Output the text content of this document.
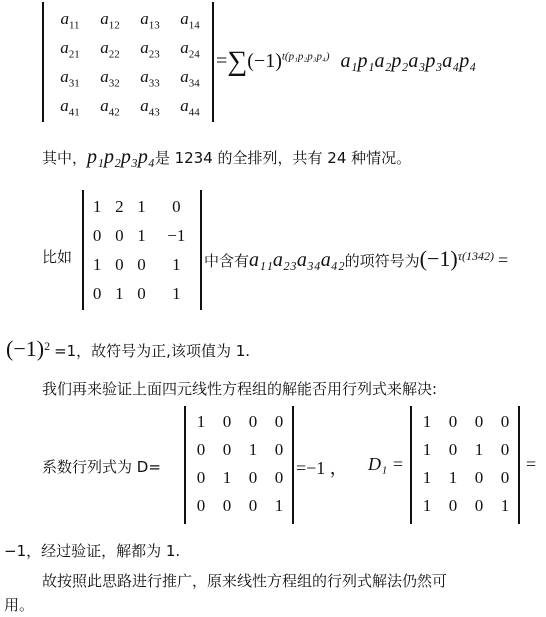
$a_{11}$	$a_{12}$	$a_{13}$	$a_{14}$
$a_{21}$	$a_{22}$	$a_{23}$	$a_{24}$
$a_{31}$	$a_{32}$	$a_{33}$	$a_{34}$
$a_{41}$	$a_{42}$	$a_{43}$	$a_{44}$
$=\sum(-1)^{t(p_1p_2p_3p_4)}$ a₁p₁a₂p₂a₃p₃a₄p₄
其中，p₁p₂p₃p₄是 1234 的全排列，共有 24 种情况。
比如
1	2	1	0
0	0	1	−1
1	0	0	1
0	1	0	1
中含有a₁₁a₂₃a₃₄a₄₂的项符号为$(-1)^{\tau(1342)}$ =
$(-1)^2 =1$，故符号为正,该项值为 1.
我们再来验证上面四元线性方程组的解能否用行列式来解决:
系数行列式为 D=
1	0	0	0
0	0	1	0
0	1	0	0
0	0	0	1
=−1 ， D₁ =
1	0	0	0
1	0	1	0
1	1	0	0
1	0	0	1
=
−1，经过验证，解都为 1.
故按照此思路进行推广，原来线性方程组的行列式解法仍然可
用。
